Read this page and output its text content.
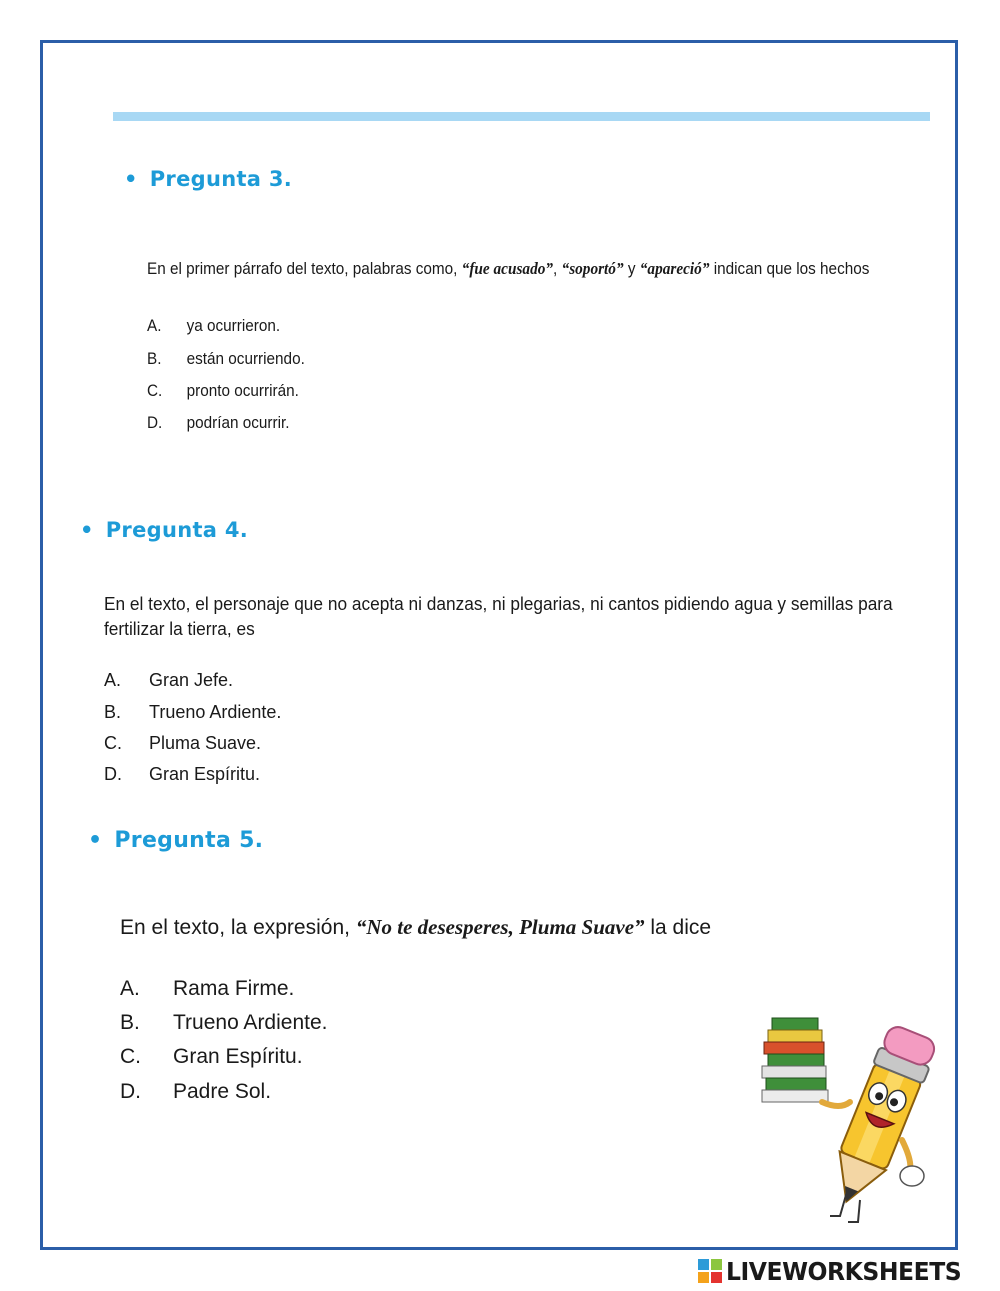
• Pregunta 3.
En el primer párrafo del texto, palabras como, “fue acusado”, “soportó” y “apareció” indican que los hechos
A. ya ocurrieron.
B. están ocurriendo.
C. pronto ocurrirán.
D. podrían ocurrir.
• Pregunta 4.
En el texto, el personaje que no acepta ni danzas, ni plegarias, ni cantos pidiendo agua y semillas para fertilizar la tierra, es
A. Gran Jefe.
B. Trueno Ardiente.
C. Pluma Suave.
D. Gran Espíritu.
• Pregunta 5.
En el texto, la expresión, “No te desesperes, Pluma Suave” la dice
A. Rama Firme.
B. Trueno Ardiente.
C. Gran Espíritu.
D. Padre Sol.
LIVEWORKSHEETS
